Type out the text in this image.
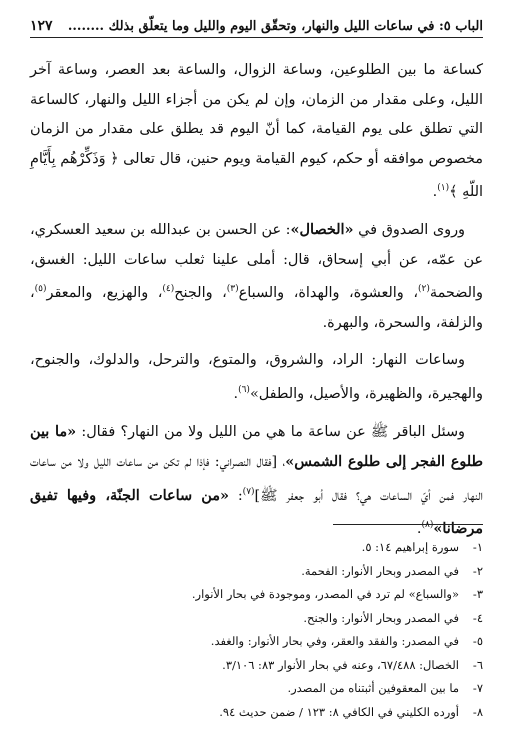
الباب ٥: في ساعات الليل والنهار، وتحقّق اليوم والليل وما يتعلّق بذلك ........
١٢٧

كساعة ما بين الطلوعين، وساعة الزوال، والساعة بعد العصر، وساعة آخر الليل، وعلى مقدار من الزمان، وإن لم يكن من أجزاء الليل والنهار، كالساعة التي تطلق على يوم القيامة، كما أنّ اليوم قد يطلق على مقدار من الزمان مخصوص موافقه أو حكم، كيوم القيامة ويوم حنين، قال تعالى ﴿ وَذَكِّرْهُم بِأَيَّامِ اللّهِ ﴾$^{(١)}$.

وروى الصدوق في «الخصال»: عن الحسن بن عبدالله بن سعيد العسكري، عن عمّه، عن أبي إسحاق، قال: أملى علينا ثعلب ساعات الليل: الغسق، والضحمة$^{(٢)}$، والعشوة، والهداة، والسباع$^{(٣)}$، والجنح$^{(٤)}$، والهزيع، والمعقر$^{(٥)}$، والزلفة، والسحرة، والبهرة.

وساعات النهار: الراد، والشروق، والمتوع، والترحل، والدلوك، والجنوح، والهجيرة، والظهيرة، والأصيل، والطفل»$^{(٦)}$.

وسئل الباقر ﷺ عن ساعة ما هي من الليل ولا من النهار؟ فقال: «ما بين طلوع الفجر إلى طلوع الشمس»، [فقال النصراني: فإذا لم تكن من ساعات الليل ولا من ساعات النهار فمن أيّ الساعات هي؟ فقال أبو جعفر ﷺ]$^{(٧)}$: «من ساعات الجنّة، وفيها تفيق مرضانا»$^{(٨)}$.

١-
سورة إبراهيم ١٤: ٥.
٢-
في المصدر وبحار الأنوار: الفحمة.
٣-
«والسباع» لم ترد في المصدر، وموجودة في بحار الأنوار.
٤-
في المصدر وبحار الأنوار: والجنح.
٥-
في المصدر: والفقد والعقر، وفي بحار الأنوار: والغفد.
٦-
الخصال: ٦٧/٤٨٨، وعنه في بحار الأنوار ٨٣: ٣/١٠٦.
٧-
ما بين المعقوفين أثبتناه من المصدر.
٨-
أورده الكليني في الكافي ٨: ١٢٣ / ضمن حديث ٩٤.
